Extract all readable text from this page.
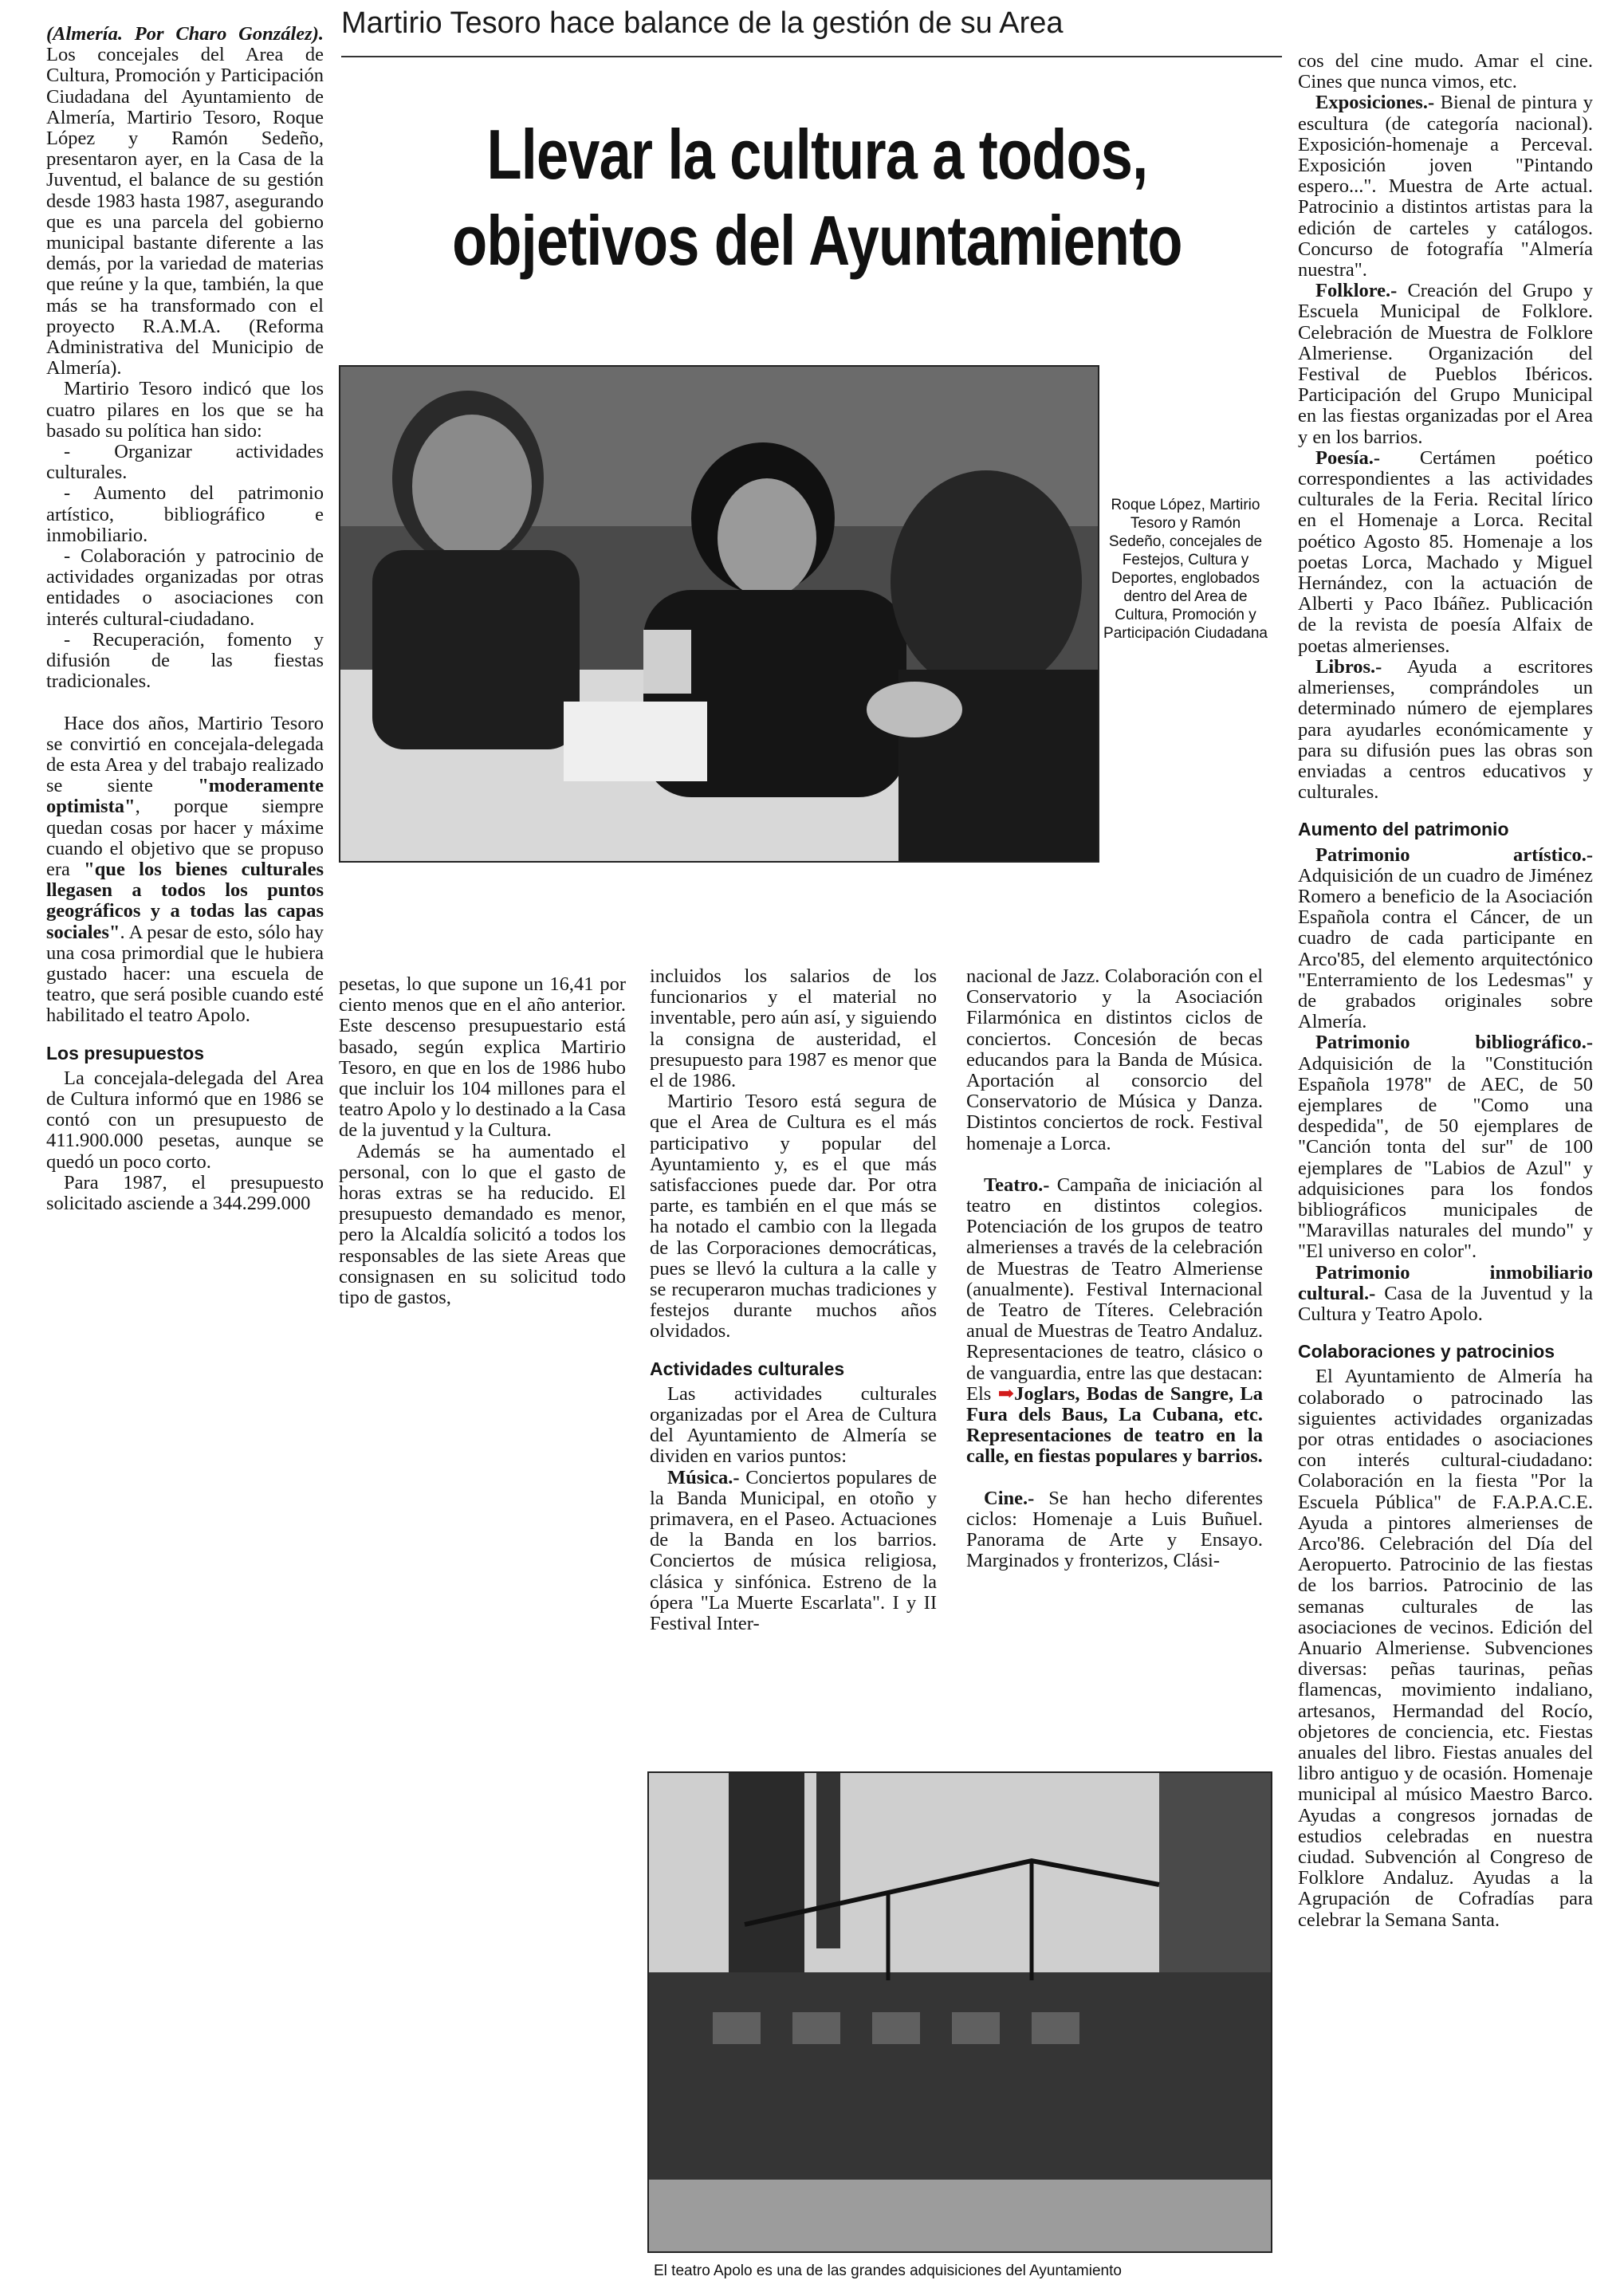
Martirio Tesoro hace balance de la gestión de su Area
Llevar la cultura a todos,
objetivos del Ayuntamiento
Roque López, Martirio Tesoro y Ramón Sedeño, concejales de Festejos, Cultura y Deportes, englobados dentro del Area de Cultura, Promoción y Participación Ciudadana

(Almería. Por Charo González). Los concejales del Area de Cultura, Promoción y Participación Ciudadana del Ayuntamiento de Almería, Martirio Tesoro, Roque López y Ramón Sedeño, presentaron ayer, en la Casa de la Juventud, el balance de su gestión desde 1983 hasta 1987, asegurando que es una parcela del gobierno municipal bastante diferente a las demás, por la variedad de materias que reúne y la que, también, la que más se ha transformado con el proyecto R.A.M.A. (Reforma Administrativa del Municipio de Almería).

Martirio Tesoro indicó que los cuatro pilares en los que se ha basado su política han sido:

- Organizar actividades culturales.

- Aumento del patrimonio artístico, bibliográfico e inmobiliario.

- Colaboración y patrocinio de actividades organizadas por otras entidades o asociaciones con interés cultural-ciudadano.

- Recuperación, fomento y difusión de las fiestas tradicionales.

Hace dos años, Martirio Tesoro se convirtió en concejala-delegada de esta Area y del trabajo realizado se siente "moderamente optimista", porque siempre quedan cosas por hacer y máxime cuando el objetivo que se propuso era "que los bienes culturales llegasen a todos los puntos geográficos y a todas las capas sociales". A pesar de esto, sólo hay una cosa primordial que le hubiera gustado hacer: una escuela de teatro, que será posible cuando esté habilitado el teatro Apolo.

Los presupuestos

La concejala-delegada del Area de Cultura informó que en 1986 se contó con un presupuesto de 411.900.000 pesetas, aunque se quedó un poco corto.

Para 1987, el presupuesto solicitado asciende a 344.299.000

pesetas, lo que supone un 16,41 por ciento menos que en el año anterior. Este descenso presupuestario está basado, según explica Martirio Tesoro, en que en los de 1986 hubo que incluir los 104 millones para el teatro Apolo y lo destinado a la Casa de la juventud y la Cultura.

Además se ha aumentado el personal, con lo que el gasto de horas extras se ha reducido. El presupuesto demandado es menor, pero la Alcaldía solicitó a todos los responsables de las siete Areas que consignasen en su solicitud todo tipo de gastos,

incluidos los salarios de los funcionarios y el material no inventable, pero aún así, y siguiendo la consigna de austeridad, el presupuesto para 1987 es menor que el de 1986.

Martirio Tesoro está segura de que el Area de Cultura es el más participativo y popular del Ayuntamiento y, es el que más satisfacciones puede dar. Por otra parte, es también en el que más se ha notado el cambio con la llegada de las Corporaciones democráticas, pues se llevó la cultura a la calle y se recuperaron muchas tradiciones y festejos durante muchos años olvidados.

Actividades culturales

Las actividades culturales organizadas por el Area de Cultura del Ayuntamiento de Almería se dividen en varios puntos:

Música.- Conciertos populares de la Banda Municipal, en otoño y primavera, en el Paseo. Actuaciones de la Banda en los barrios. Conciertos de música religiosa, clásica y sinfónica. Estreno de la ópera "La Muerte Escarlata". I y II Festival Inter-

nacional de Jazz. Colaboración con el Conservatorio y la Asociación Filarmónica en distintos ciclos de conciertos. Concesión de becas educandos para la Banda de Música. Aportación al consorcio del Conservatorio de Música y Danza. Distintos conciertos de rock. Festival homenaje a Lorca.

Teatro.- Campaña de iniciación al teatro en distintos colegios. Potenciación de los grupos de teatro almerienses a través de la celebración de Muestras de Teatro Almeriense (anualmente). Festival Internacional de Teatro de Títeres. Celebración anual de Muestras de Teatro Andaluz. Representaciones de teatro, clásico o de vanguardia, entre las que destacan: Els ➡Joglars, Bodas de Sangre, La Fura dels Baus, La Cubana, etc. Representaciones de teatro en la calle, en fiestas populares y barrios.

Cine.- Se han hecho diferentes ciclos: Homenaje a Luis Buñuel. Panorama de Arte y Ensayo. Marginados y fronterizos, Clási-

El teatro Apolo es una de las grandes adquisiciones del Ayuntamiento

cos del cine mudo. Amar el cine. Cines que nunca vimos, etc.

Exposiciones.- Bienal de pintura y escultura (de categoría nacional). Exposición-homenaje a Perceval. Exposición joven "Pintando espero...". Muestra de Arte actual. Patrocinio a distintos artistas para la edición de carteles y catálogos. Concurso de fotografía "Almería nuestra".

Folklore.- Creación del Grupo y Escuela Municipal de Folklore. Celebración de Muestra de Folklore Almeriense. Organización del Festival de Pueblos Ibéricos. Participación del Grupo Municipal en las fiestas organizadas por el Area y en los barrios.

Poesía.- Certámen poético correspondientes a las actividades culturales de la Feria. Recital lírico en el Homenaje a Lorca. Recital poético Agosto 85. Homenaje a los poetas Lorca, Machado y Miguel Hernández, con la actuación de Alberti y Paco Ibáñez. Publicación de la revista de poesía Alfaix de poetas almerienses.

Libros.- Ayuda a escritores almerienses, comprándoles un determinado número de ejemplares para ayudarles económicamente y para su difusión pues las obras son enviadas a centros educativos y culturales.

Aumento del patrimonio

Patrimonio artístico.- Adquisición de un cuadro de Jiménez Romero a beneficio de la Asociación Española contra el Cáncer, de un cuadro de cada participante en Arco'85, del elemento arquitectónico "Enterramiento de los Ledesmas" y de grabados originales sobre Almería.

Patrimonio bibliográfico.- Adquisición de la "Constitución Española 1978" de AEC, de 50 ejemplares de "Como una despedida", de 50 ejemplares de "Canción tonta del sur" de 100 ejemplares de "Labios de Azul" y adquisiciones para los fondos bibliográficos municipales de "Maravillas naturales del mundo" y "El universo en color".

Patrimonio inmobiliario cultural.- Casa de la Juventud y la Cultura y Teatro Apolo.

Colaboraciones y patrocinios

El Ayuntamiento de Almería ha colaborado o patrocinado las siguientes actividades organizadas por otras entidades o asociaciones con interés cultural-ciudadano: Colaboración en la fiesta "Por la Escuela Pública" de F.A.P.A.C.E. Ayuda a pintores almerienses de Arco'86. Celebración del Día del Aeropuerto. Patrocinio de las fiestas de los barrios. Patrocinio de las semanas culturales de las asociaciones de vecinos. Edición del Anuario Almeriense. Subvenciones diversas: peñas taurinas, peñas flamencas, movimiento indaliano, artesanos, Hermandad del Rocío, objetores de conciencia, etc. Fiestas anuales del libro. Fiestas anuales del libro antiguo y de ocasión. Homenaje municipal al músico Maestro Barco. Ayudas a congresos jornadas de estudios celebradas en nuestra ciudad. Subvención al Congreso de Folklore Andaluz. Ayudas a la Agrupación de Cofradías para celebrar la Semana Santa.
